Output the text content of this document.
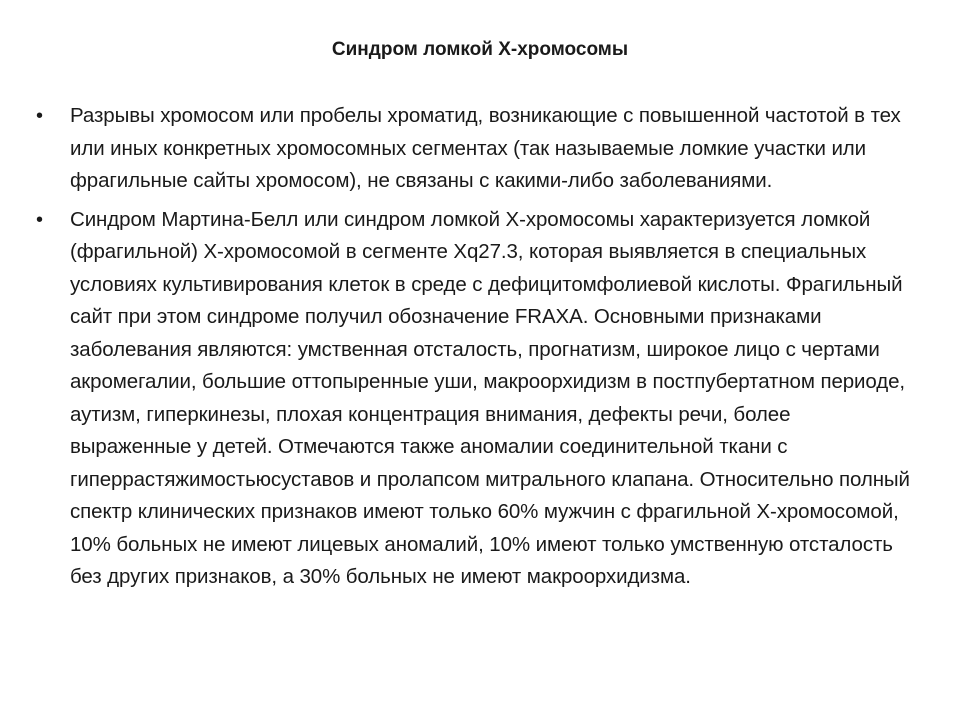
Синдром ломкой Х-хромосомы
•	Разрывы хромосом или пробелы хроматид, возникающие с повышенной частотой в тех или иных конкретных хромосомных сегментах (так называемые ломкие участки или фрагильные сайты хромосом), не связаны с какими-либо заболеваниями.
•	Синдром Мартина-Белл или синдром ломкой Х-хромосомы характеризуется ломкой (фрагильной) Х-хромосомой в сегменте Хq27.3, которая выявляется в специальных условиях культивирования клеток в среде с дефицитомфолиевой кислоты. Фрагильный сайт при этом синдроме получил обозначение FRAXA. Основными признаками заболевания являются: умственная отсталость, прогнатизм, широкое лицо с чертами акромегалии, большие оттопыренные уши, макроорхидизм в постпубертатном периоде, аутизм, гиперкинезы, плохая концентрация внимания, дефекты речи, более выраженные у детей. Отмечаются также аномалии соединительной ткани с гиперрастяжимостьюсуставов и пролапсом митрального клапана. Относительно полный спектр клинических признаков имеют только 60% мужчин с фрагильной Х-хромосомой, 10% больных не имеют лицевых аномалий, 10% имеют только умственную отсталость без других признаков, а 30% больных не имеют макроорхидизма.
